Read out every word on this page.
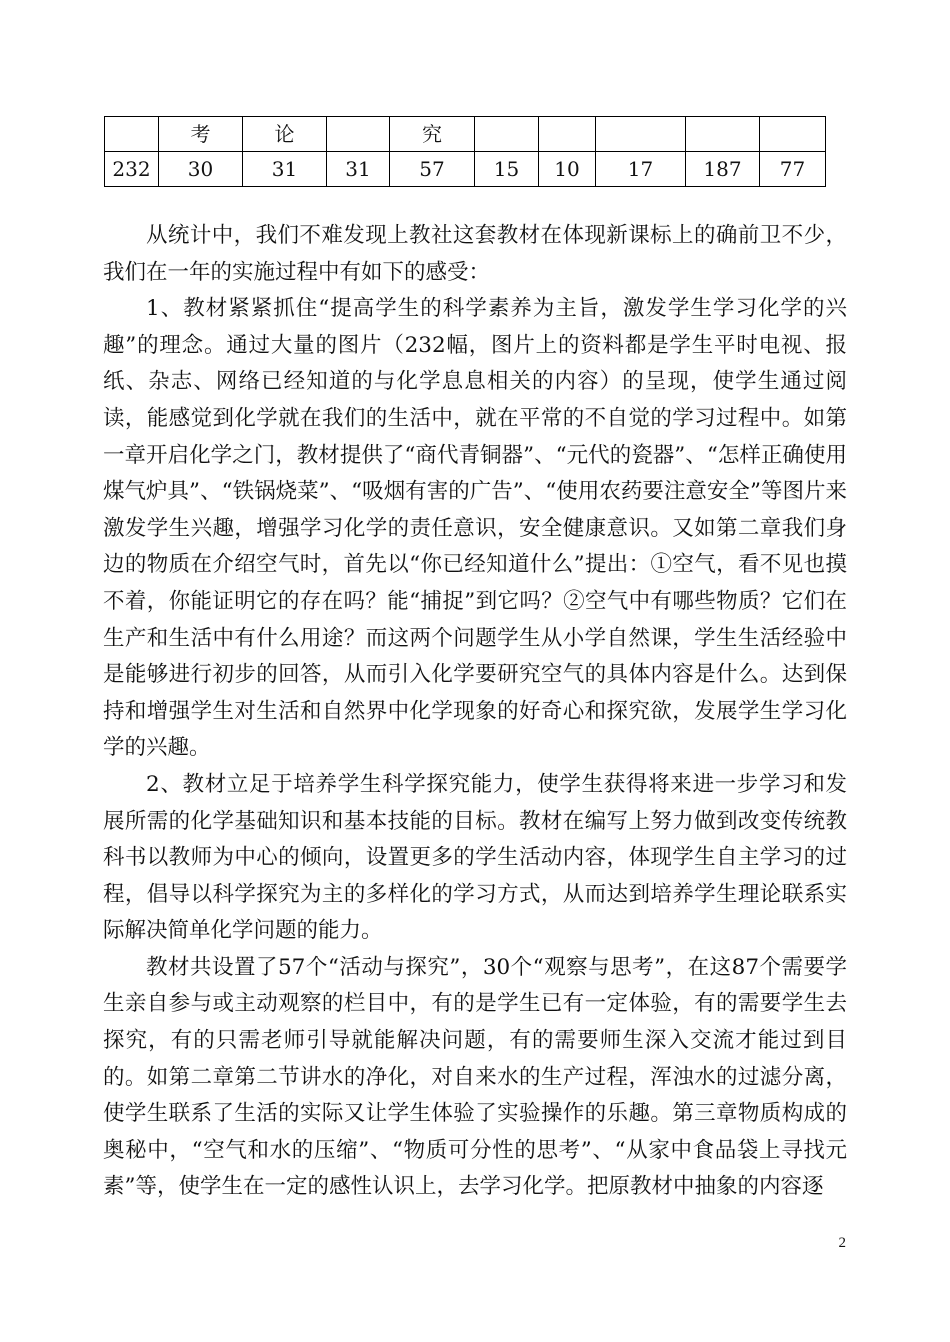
	考	论		究					
232	30	31	31	57	15	10	17	187	77

从统计中，我们不难发现上教社这套教材在体现新课标上的确前卫不少，我们在一年的实施过程中有如下的感受：

1、教材紧紧抓住“提高学生的科学素养为主旨，激发学生学习化学的兴趣”的理念。通过大量的图片（232幅，图片上的资料都是学生平时电视、报纸、杂志、网络已经知道的与化学息息相关的内容）的呈现，使学生通过阅读，能感觉到化学就在我们的生活中，就在平常的不自觉的学习过程中。如第一章开启化学之门，教材提供了“商代青铜器”、“元代的瓷器”、“怎样正确使用煤气炉具”、“铁锅烧菜”、“吸烟有害的广告”、“使用农药要注意安全”等图片来激发学生兴趣，增强学习化学的责任意识，安全健康意识。又如第二章我们身边的物质在介绍空气时，首先以“你已经知道什么”提出：①空气，看不见也摸不着，你能证明它的存在吗？能“捕捉”到它吗？②空气中有哪些物质？它们在生产和生活中有什么用途？而这两个问题学生从小学自然课，学生生活经验中是能够进行初步的回答，从而引入化学要研究空气的具体内容是什么。达到保持和增强学生对生活和自然界中化学现象的好奇心和探究欲，发展学生学习化学的兴趣。

2、教材立足于培养学生科学探究能力，使学生获得将来进一步学习和发展所需的化学基础知识和基本技能的目标。教材在编写上努力做到改变传统教科书以教师为中心的倾向，设置更多的学生活动内容，体现学生自主学习的过程，倡导以科学探究为主的多样化的学习方式，从而达到培养学生理论联系实际解决简单化学问题的能力。

教材共设置了57个“活动与探究”，30个“观察与思考”，在这87个需要学生亲自参与或主动观察的栏目中，有的是学生已有一定体验，有的需要学生去探究，有的只需老师引导就能解决问题，有的需要师生深入交流才能过到目的。如第二章第二节讲水的净化，对自来水的生产过程，浑浊水的过滤分离，使学生联系了生活的实际又让学生体验了实验操作的乐趣。第三章物质构成的奥秘中，“空气和水的压缩”、“物质可分性的思考”、“从家中食品袋上寻找元素”等，使学生在一定的感性认识上，去学习化学。把原教材中抽象的内容逐

2
